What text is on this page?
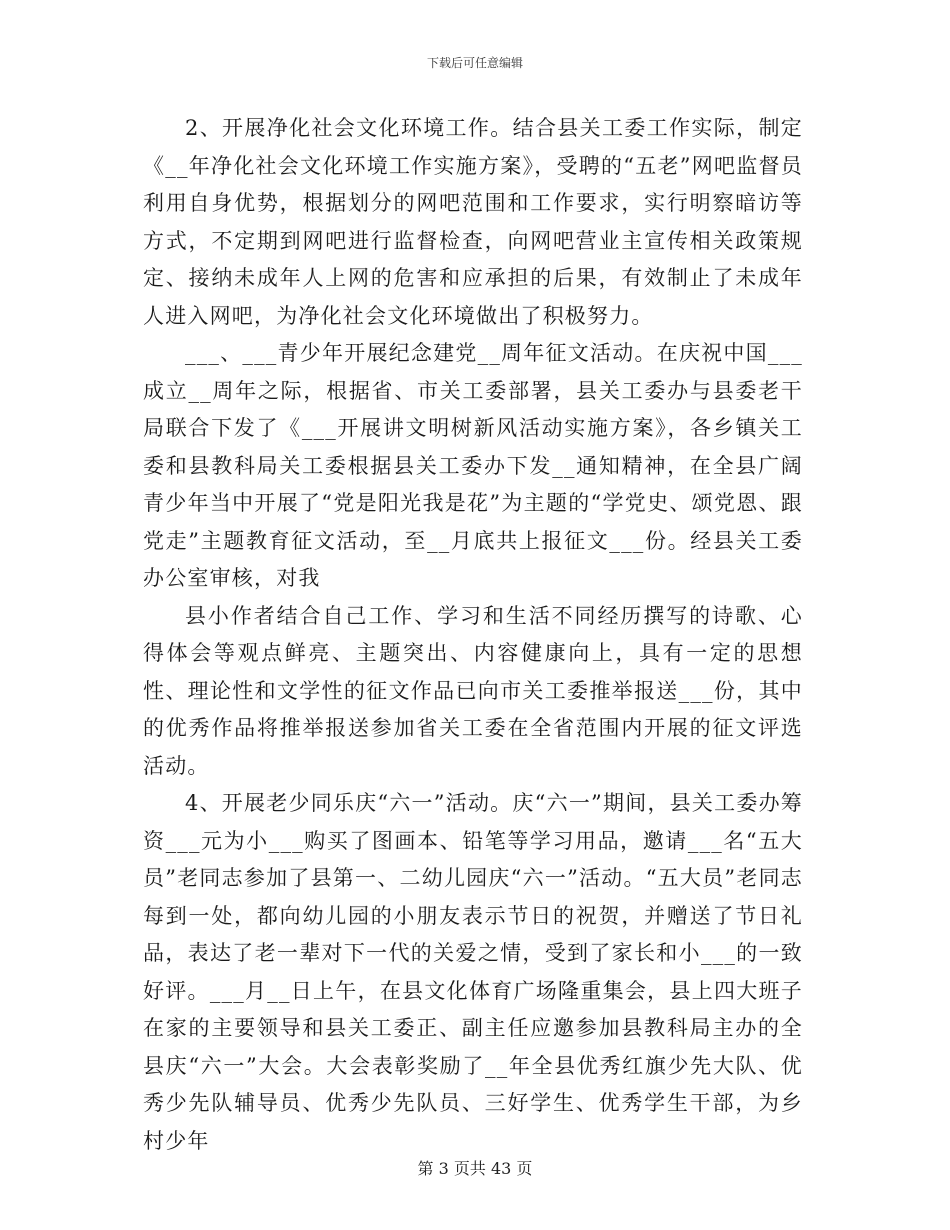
下载后可任意编辑

2、开展净化社会文化环境工作。结合县关工委工作实际，制定《__年净化社会文化环境工作实施方案》，受聘的“五老”网吧监督员利用自身优势，根据划分的网吧范围和工作要求，实行明察暗访等方式，不定期到网吧进行监督检查，向网吧营业主宣传相关政策规定、接纳未成年人上网的危害和应承担的后果，有效制止了未成年人进入网吧，为净化社会文化环境做出了积极努力。

___、___青少年开展纪念建党__周年征文活动。在庆祝中国___成立__周年之际，根据省、市关工委部署，县关工委办与县委老干局联合下发了《___开展讲文明树新风活动实施方案》，各乡镇关工委和县教科局关工委根据县关工委办下发__通知精神，在全县广阔青少年当中开展了“党是阳光我是花”为主题的“学党史、颂党恩、跟党走”主题教育征文活动，至__月底共上报征文___份。经县关工委办公室审核，对我

县小作者结合自己工作、学习和生活不同经历撰写的诗歌、心得体会等观点鲜亮、主题突出、内容健康向上，具有一定的思想性、理论性和文学性的征文作品已向市关工委推举报送___份，其中的优秀作品将推举报送参加省关工委在全省范围内开展的征文评选活动。

4、开展老少同乐庆“六一”活动。庆“六一”期间，县关工委办筹资___元为小___购买了图画本、铅笔等学习用品，邀请___名“五大员”老同志参加了县第一、二幼儿园庆“六一”活动。“五大员”老同志每到一处，都向幼儿园的小朋友表示节日的祝贺，并赠送了节日礼品，表达了老一辈对下一代的关爱之情，受到了家长和小___的一致好评。___月__日上午，在县文化体育广场隆重集会，县上四大班子在家的主要领导和县关工委正、副主任应邀参加县教科局主办的全县庆“六一”大会。大会表彰奖励了__年全县优秀红旗少先大队、优秀少先队辅导员、优秀少先队员、三好学生、优秀学生干部，为乡村少年

第 3 页共 43 页
